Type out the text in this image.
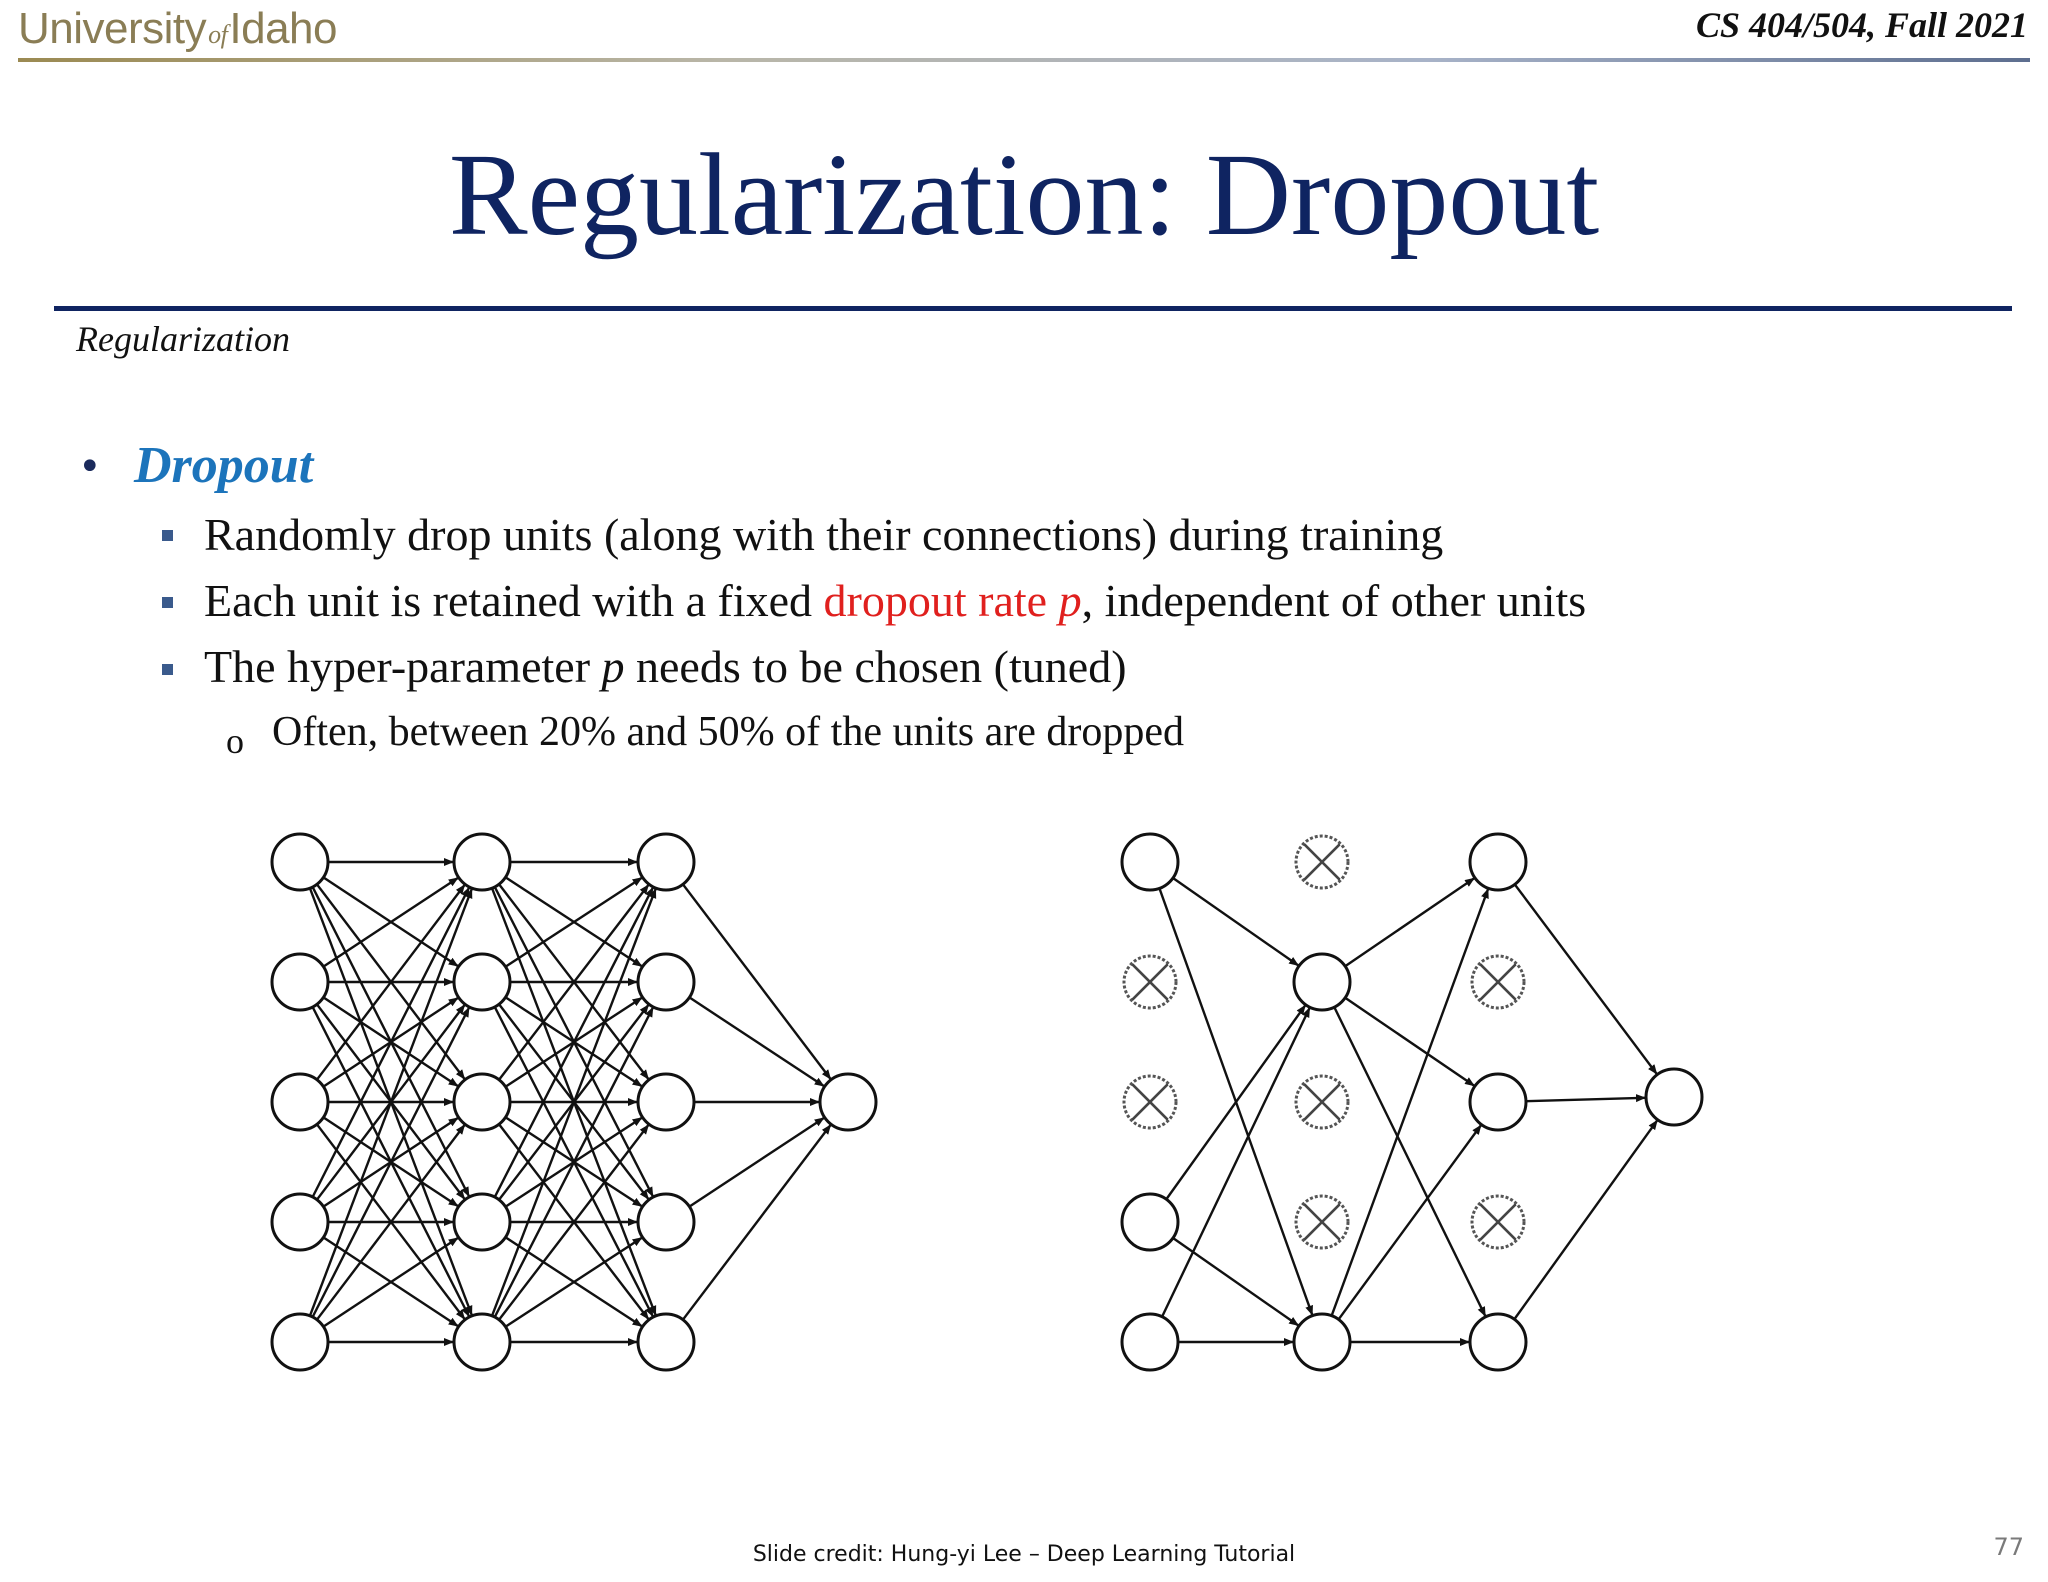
UniversityofIdaho	CS 404/504, Fall 2021
Regularization: Dropout
Regularization
• Dropout
Randomly drop units (along with their connections) during training
Each unit is retained with a fixed dropout rate p, independent of other units
The hyper-parameter p needs to be chosen (tuned)
o Often, between 20% and 50% of the units are dropped
Slide credit: Hung-yi Lee – Deep Learning Tutorial	77
